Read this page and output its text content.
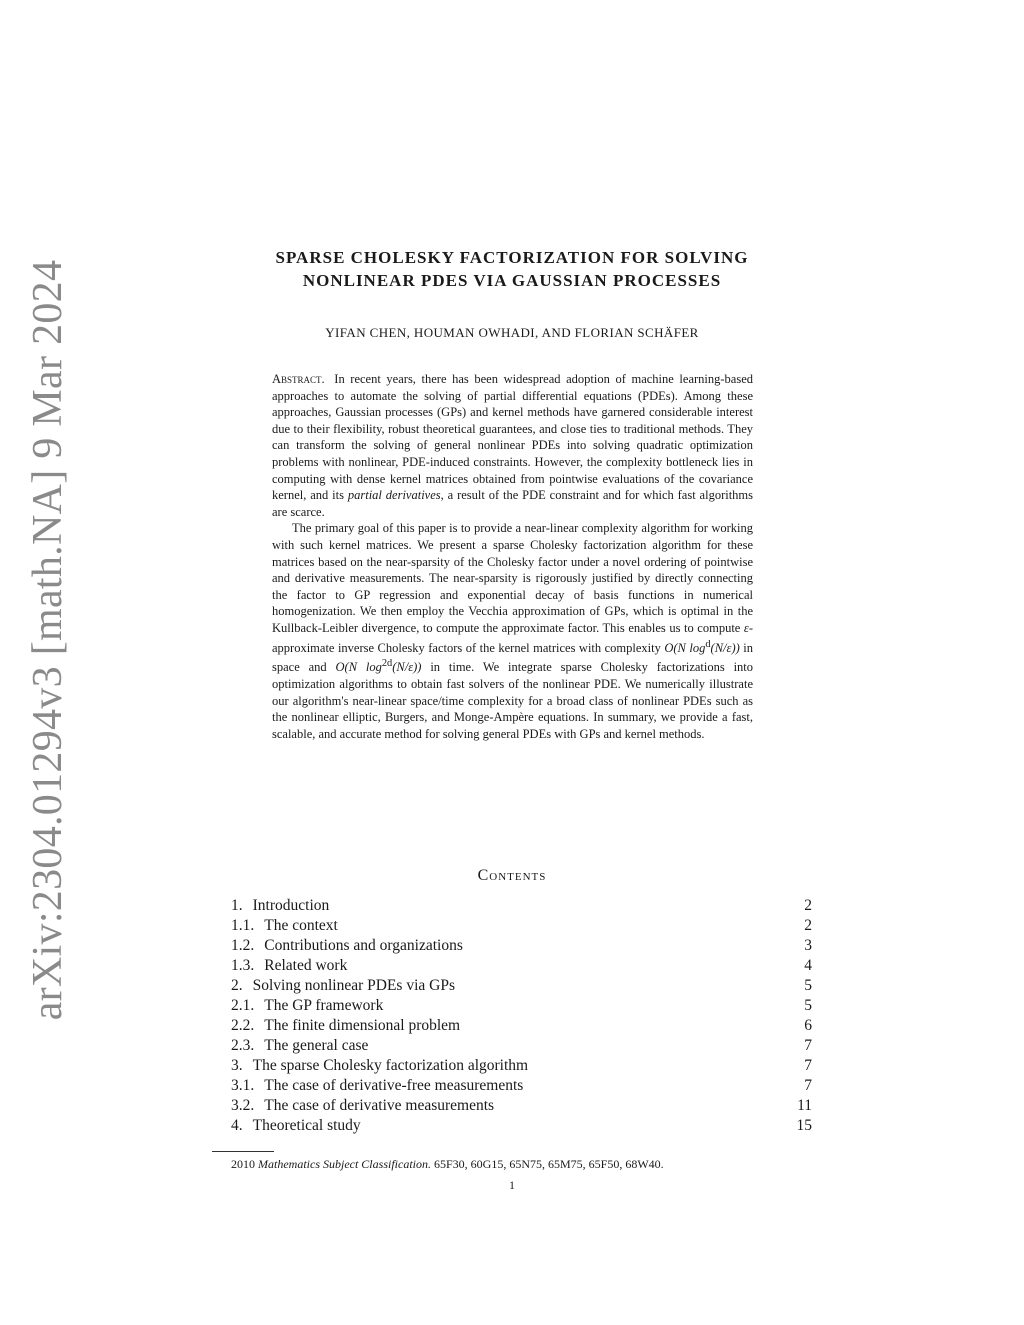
arXiv:2304.01294v3 [math.NA] 9 Mar 2024
SPARSE CHOLESKY FACTORIZATION FOR SOLVING
NONLINEAR PDES VIA GAUSSIAN PROCESSES
YIFAN CHEN, HOUMAN OWHADI, AND FLORIAN SCHÄFER

Abstract. In recent years, there has been widespread adoption of machine learning-based approaches to automate the solving of partial differential equations (PDEs). Among these approaches, Gaussian processes (GPs) and kernel methods have garnered considerable interest due to their flexibility, robust theoretical guarantees, and close ties to traditional methods. They can transform the solving of general nonlinear PDEs into solving quadratic optimization problems with nonlinear, PDE-induced constraints. However, the complexity bottleneck lies in computing with dense kernel matrices obtained from pointwise evaluations of the covariance kernel, and its partial derivatives, a result of the PDE constraint and for which fast algorithms are scarce.

The primary goal of this paper is to provide a near-linear complexity algorithm for working with such kernel matrices. We present a sparse Cholesky factorization algorithm for these matrices based on the near-sparsity of the Cholesky factor under a novel ordering of pointwise and derivative measurements. The near-sparsity is rigorously justified by directly connecting the factor to GP regression and exponential decay of basis functions in numerical homogenization. We then employ the Vecchia approximation of GPs, which is optimal in the Kullback-Leibler divergence, to compute the approximate factor. This enables us to compute ε-approximate inverse Cholesky factors of the kernel matrices with complexity O(N $\log^d(N/\varepsilon)$) in space and O(N $\log^{2d}(N/\varepsilon)$) in time. We integrate sparse Cholesky factorizations into optimization algorithms to obtain fast solvers of the nonlinear PDE. We numerically illustrate our algorithm's near-linear space/time complexity for a broad class of nonlinear PDEs such as the nonlinear elliptic, Burgers, and Monge-Ampère equations. In summary, we provide a fast, scalable, and accurate method for solving general PDEs with GPs and kernel methods.

Contents
1. Introduction	2
1.1. The context	2
1.2. Contributions and organizations	3
1.3. Related work	4
2. Solving nonlinear PDEs via GPs	5
2.1. The GP framework	5
2.2. The finite dimensional problem	6
2.3. The general case	7
3. The sparse Cholesky factorization algorithm	7
3.1. The case of derivative-free measurements	7
3.2. The case of derivative measurements	11
4. Theoretical study	15
2010 Mathematics Subject Classification. 65F30, 60G15, 65N75, 65M75, 65F50, 68W40.
1
